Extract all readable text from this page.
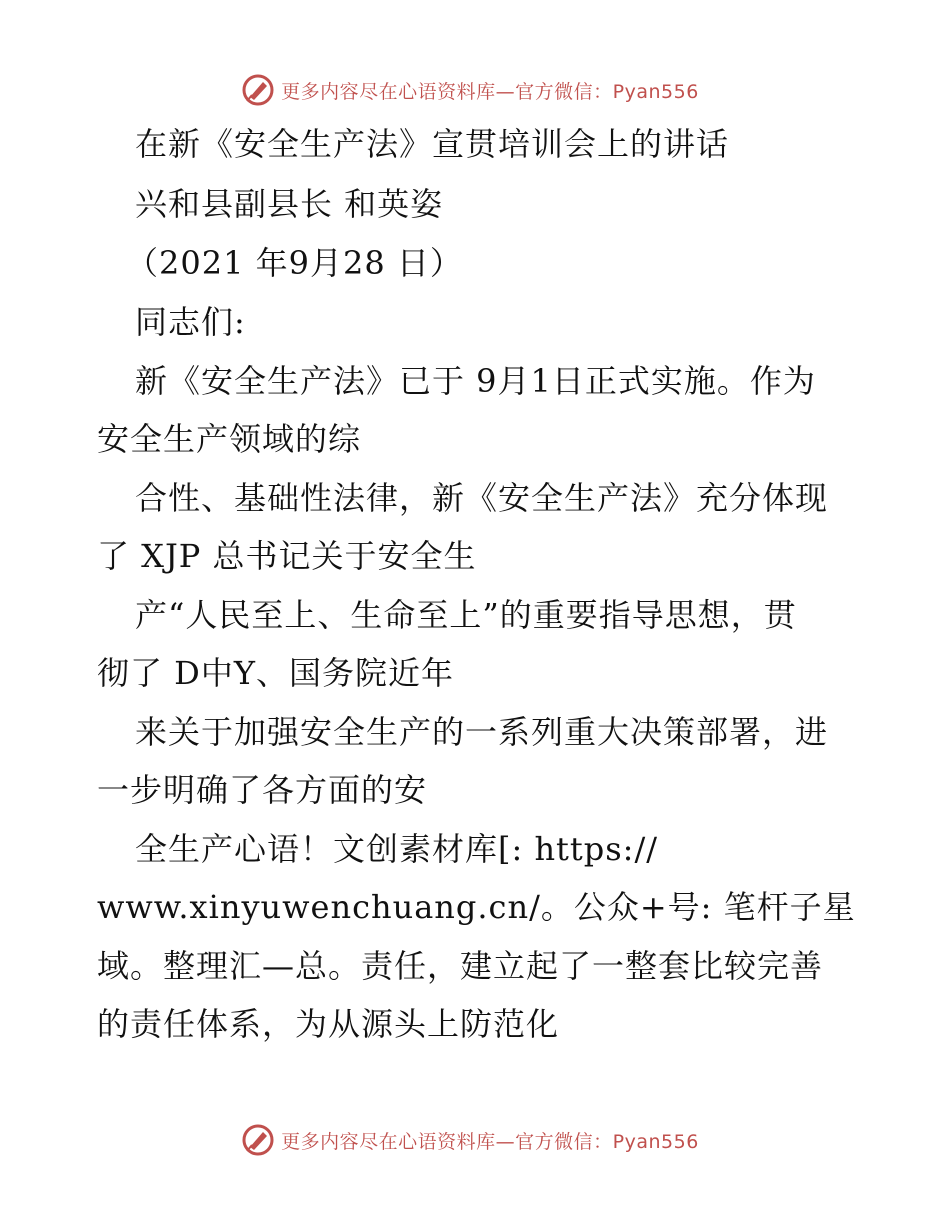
更多内容尽在心语资料库—官方微信：Pyan556
在新《安全生产法》宣贯培训会上的讲话
兴和县副县长 和英姿
（2021 年9月28 日）
同志们:
新《安全生产法》已于 9月1日正式实施。作为
安全生产领域的综
合性、基础性法律，新《安全生产法》充分体现
了 XJP 总书记关于安全生
产“人民至上、生命至上”的重要指导思想，贯
彻了 D中Y、国务院近年
来关于加强安全生产的一系列重大决策部署，进
一步明确了各方面的安
全生产心语！文创素材库[: https://
www.xinyuwenchuang.cn/。公众+号: 笔杆子星
域。整理汇—总。责任，建立起了一整套比较完善
的责任体系，为从源头上防范化
更多内容尽在心语资料库—官方微信：Pyan556
